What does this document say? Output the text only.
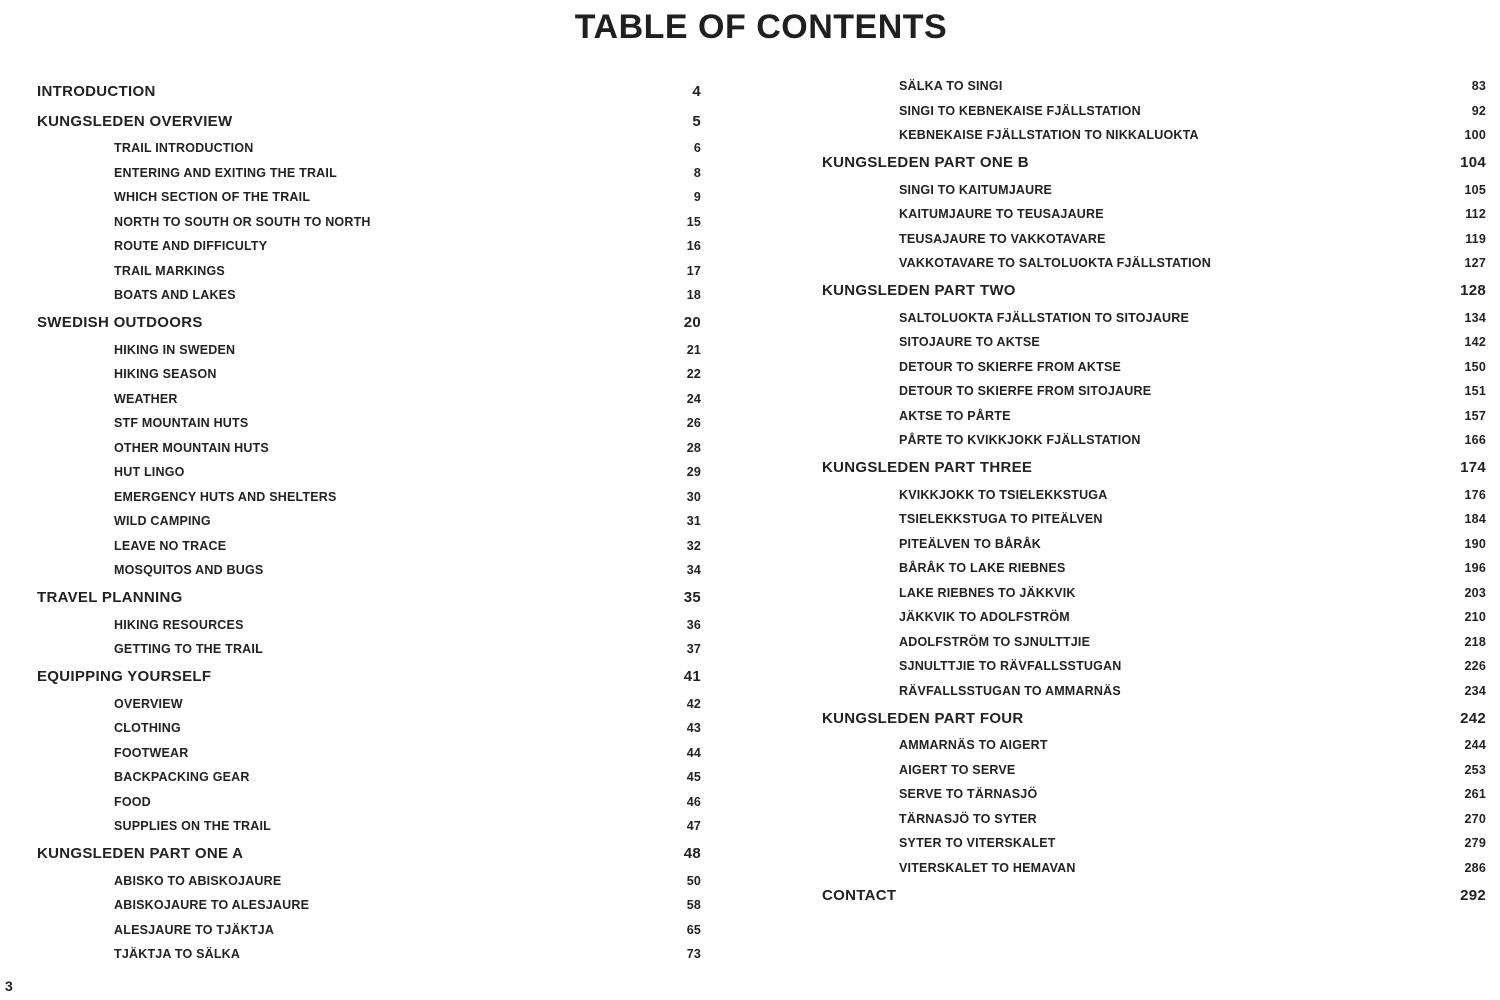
TABLE OF CONTENTS
INTRODUCTION	4
KUNGSLEDEN OVERVIEW	5
TRAIL INTRODUCTION	6
ENTERING AND EXITING THE TRAIL	8
WHICH SECTION OF THE TRAIL	9
NORTH TO SOUTH OR SOUTH TO NORTH	15
ROUTE AND DIFFICULTY	16
TRAIL MARKINGS	17
BOATS AND LAKES	18
SWEDISH OUTDOORS	20
HIKING IN SWEDEN	21
HIKING SEASON	22
WEATHER	24
STF MOUNTAIN HUTS	26
OTHER MOUNTAIN HUTS	28
HUT LINGO	29
EMERGENCY HUTS AND SHELTERS	30
WILD CAMPING	31
LEAVE NO TRACE	32
MOSQUITOS AND BUGS	34
TRAVEL PLANNING	35
HIKING RESOURCES	36
GETTING TO THE TRAIL	37
EQUIPPING YOURSELF	41
OVERVIEW	42
CLOTHING	43
FOOTWEAR	44
BACKPACKING GEAR	45
FOOD	46
SUPPLIES ON THE TRAIL	47
KUNGSLEDEN PART ONE A	48
ABISKO TO ABISKOJAURE	50
ABISKOJAURE TO ALESJAURE	58
ALESJAURE TO TJÄKTJA	65
TJÄKTJA TO SÄLKA	73
SÄLKA TO SINGI	83
SINGI TO KEBNEKAISE FJÄLLSTATION	92
KEBNEKAISE FJÄLLSTATION TO NIKKALUOKTA	100
KUNGSLEDEN PART ONE B	104
SINGI TO KAITUMJAURE	105
KAITUMJAURE TO TEUSAJAURE	112
TEUSAJAURE TO VAKKOTAVARE	119
VAKKOTAVARE TO SALTOLUOKTA FJÄLLSTATION	127
KUNGSLEDEN PART TWO	128
SALTOLUOKTA FJÄLLSTATION TO SITOJAURE	134
SITOJAURE TO AKTSE	142
DETOUR TO SKIERFE FROM AKTSE	150
DETOUR TO SKIERFE FROM SITOJAURE	151
AKTSE TO PÅRTE	157
PÅRTE TO KVIKKJOKK FJÄLLSTATION	166
KUNGSLEDEN PART THREE	174
KVIKKJOKK TO TSIELEKKSTUGA	176
TSIELEKKSTUGA TO PITEÄLVEN	184
PITEÄLVEN TO BÅRÅK	190
BÅRÅK TO LAKE RIEBNES	196
LAKE RIEBNES TO JÄKKVIK	203
JÄKKVIK TO ADOLFSTRÖM	210
ADOLFSTRÖM TO SJNULTTJIE	218
SJNULTTJIE TO RÄVFALLSSTUGAN	226
RÄVFALLSSTUGAN TO AMMARNÄS	234
KUNGSLEDEN PART FOUR	242
AMMARNÄS TO AIGERT	244
AIGERT TO SERVE	253
SERVE TO TÄRNASJÖ	261
TÄRNASJÖ TO SYTER	270
SYTER TO VITERSKALET	279
VITERSKALET TO HEMAVAN	286
CONTACT	292
3
